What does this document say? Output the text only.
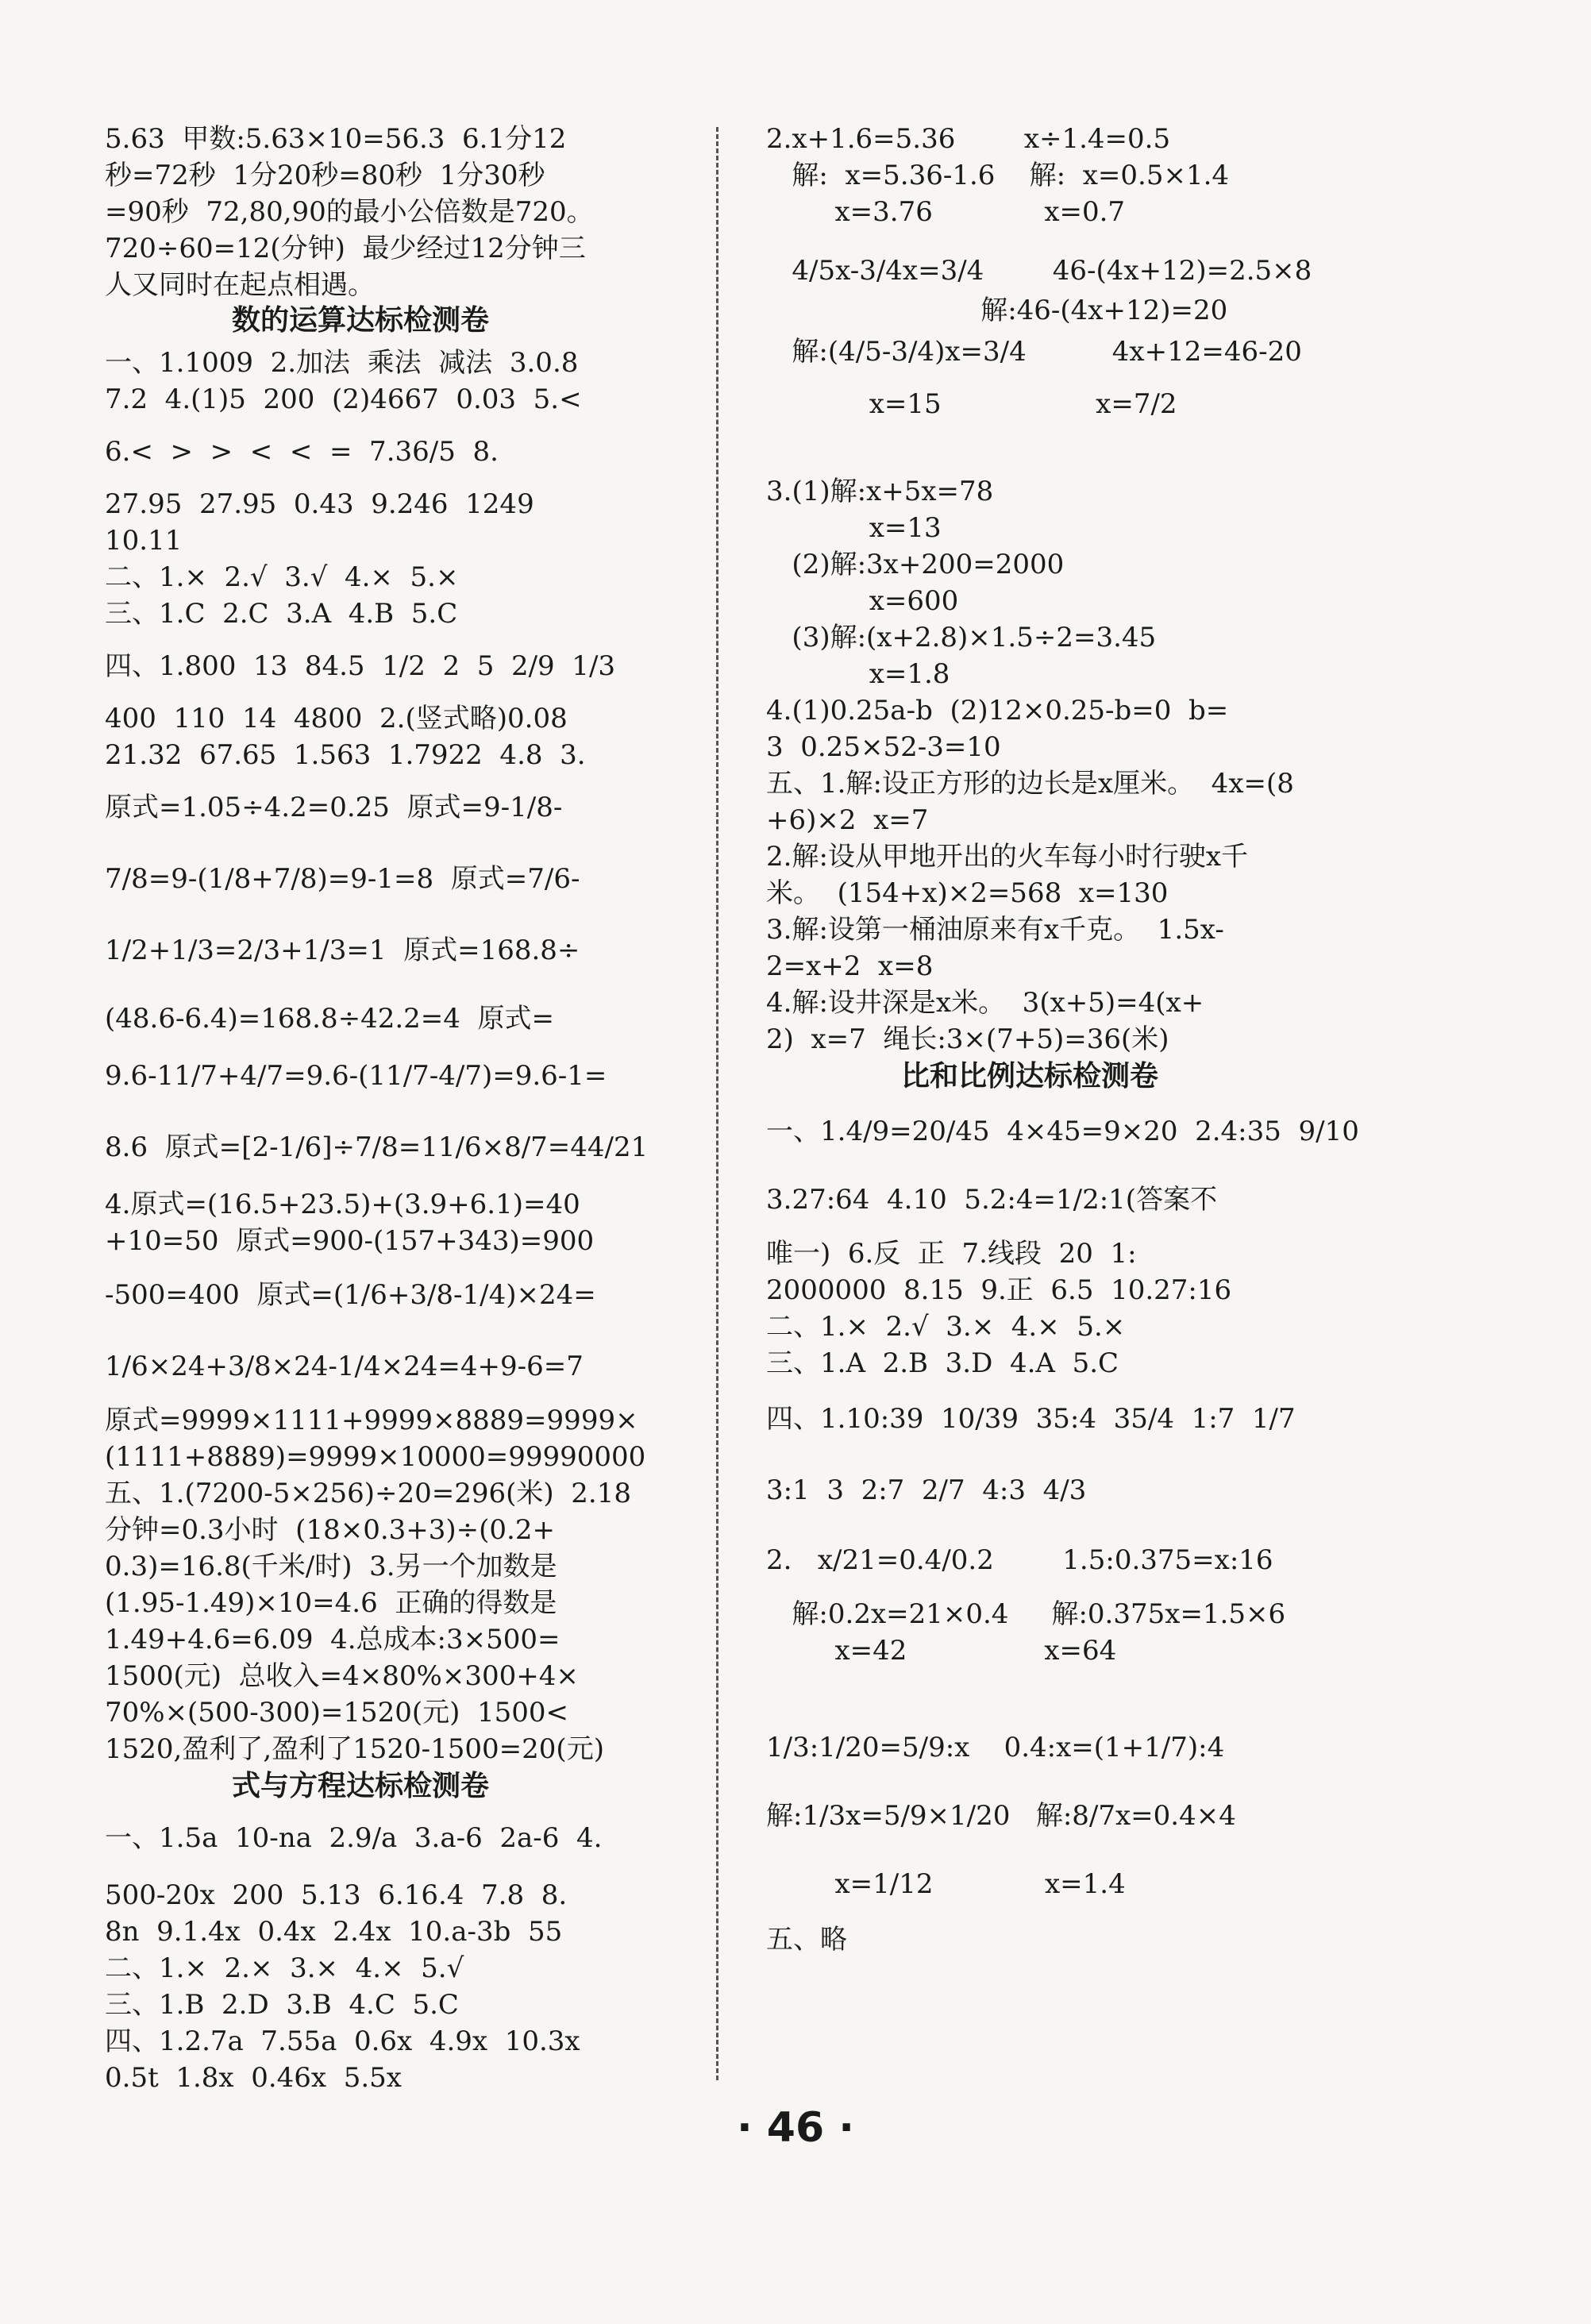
5.63  甲数:5.63×10=56.3  6.1分12
秒=72秒  1分20秒=80秒  1分30秒
=90秒  72,80,90的最小公倍数是720。
720÷60=12(分钟)  最少经过12分钟三
人又同时在起点相遇。
数的运算达标检测卷
一、1.1009  2.加法  乘法  减法  3.0.8
7.2  4.(1)5  200  (2)4667  0.03  5.<
6.<  >  >  <  <  =  7.36/5  8.
27.95  27.95  0.43  9.246  1249
10.11
二、1.×  2.√  3.√  4.×  5.×
三、1.C  2.C  3.A  4.B  5.C
四、1.800  13  84.5  1/2  2  5  2/9  1/3
400  110  14  4800  2.(竖式略)0.08
21.32  67.65  1.563  1.7922  4.8  3.
原式=1.05÷4.2=0.25  原式=9-1/8-
7/8=9-(1/8+7/8)=9-1=8  原式=7/6-
1/2+1/3=2/3+1/3=1  原式=168.8÷
(48.6-6.4)=168.8÷42.2=4  原式=
9.6-11/7+4/7=9.6-(11/7-4/7)=9.6-1=
8.6  原式=[2-1/6]÷7/8=11/6×8/7=44/21
4.原式=(16.5+23.5)+(3.9+6.1)=40
+10=50  原式=900-(157+343)=900
-500=400  原式=(1/6+3/8-1/4)×24=
1/6×24+3/8×24-1/4×24=4+9-6=7
原式=9999×1111+9999×8889=9999×
(1111+8889)=9999×10000=99990000
五、1.(7200-5×256)÷20=296(米)  2.18
分钟=0.3小时  (18×0.3+3)÷(0.2+
0.3)=16.8(千米/时)  3.另一个加数是
(1.95-1.49)×10=4.6  正确的得数是
1.49+4.6=6.09  4.总成本:3×500=
1500(元)  总收入=4×80%×300+4×
70%×(500-300)=1520(元)  1500<
1520,盈利了,盈利了1520-1500=20(元)
式与方程达标检测卷
一、1.5a  10-na  2.9/a  3.a-6  2a-6  4.
500-20x  200  5.13  6.16.4  7.8  8.
8n  9.1.4x  0.4x  2.4x  10.a-3b  55
二、1.×  2.×  3.×  4.×  5.√
三、1.B  2.D  3.B  4.C  5.C
四、1.2.7a  7.55a  0.6x  4.9x  10.3x
0.5t  1.8x  0.46x  5.5x
2.x+1.6=5.36        x÷1.4=0.5
解:  x=5.36-1.6    解:  x=0.5×1.4
x=3.76             x=0.7
4/5x-3/4x=3/4        46-(4x+12)=2.5×8
解:46-(4x+12)=20
解:(4/5-3/4)x=3/4          4x+12=46-20
x=15                  x=7/2
3.(1)解:x+5x=78
x=13
(2)解:3x+200=2000
x=600
(3)解:(x+2.8)×1.5÷2=3.45
x=1.8
4.(1)0.25a-b  (2)12×0.25-b=0  b=
3  0.25×52-3=10
五、1.解:设正方形的边长是x厘米。  4x=(8
+6)×2  x=7
2.解:设从甲地开出的火车每小时行驶x千
米。  (154+x)×2=568  x=130
3.解:设第一桶油原来有x千克。  1.5x-
2=x+2  x=8
4.解:设井深是x米。  3(x+5)=4(x+
2)  x=7  绳长:3×(7+5)=36(米)
比和比例达标检测卷
一、1.4/9=20/45  4×45=9×20  2.4:35  9/10
3.27:64  4.10  5.2:4=1/2:1(答案不
唯一)  6.反  正  7.线段  20  1:
2000000  8.15  9.正  6.5  10.27:16
二、1.×  2.√  3.×  4.×  5.×
三、1.A  2.B  3.D  4.A  5.C
四、1.10:39  10/39  35:4  35/4  1:7  1/7
3:1  3  2:7  2/7  4:3  4/3
2.   x/21=0.4/0.2        1.5:0.375=x:16
解:0.2x=21×0.4     解:0.375x=1.5×6
x=42                x=64
1/3:1/20=5/9:x    0.4:x=(1+1/7):4
解:1/3x=5/9×1/20   解:8/7x=0.4×4
x=1/12             x=1.4
五、略
· 46 ·
